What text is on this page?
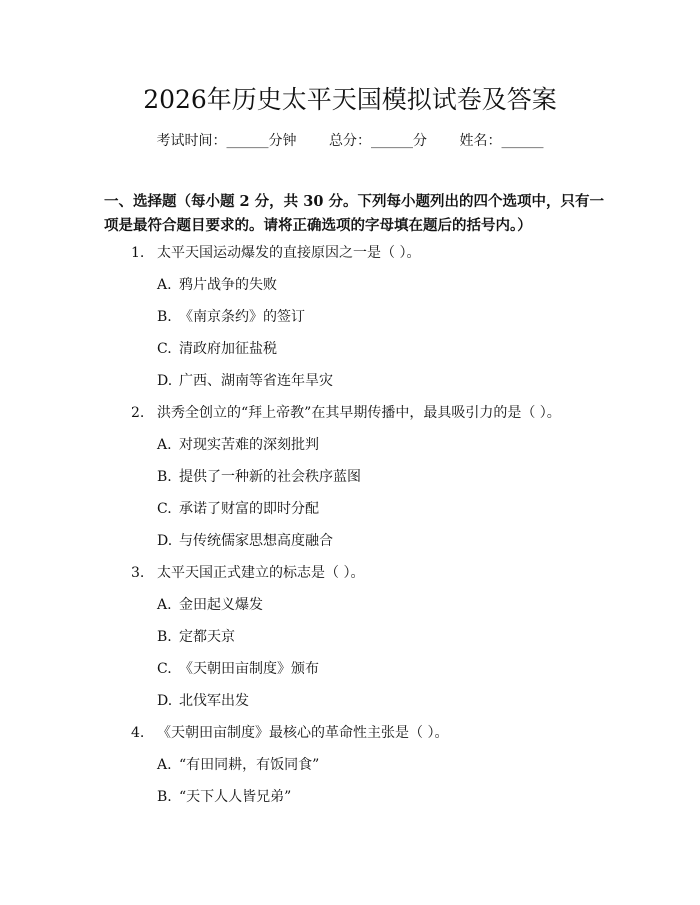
2026年历史太平天国模拟试卷及答案
考试时间：______分钟 总分：______分 姓名：______

一、选择题（每小题 2 分，共 30 分。下列每小题列出的四个选项中，只有一项是最符合题目要求的。请将正确选项的字母填在题后的括号内。）

1. 太平天国运动爆发的直接原因之一是（ ）。
A. 鸦片战争的失败
B. 《南京条约》的签订
C. 清政府加征盐税
D. 广西、湖南等省连年旱灾
2. 洪秀全创立的“拜上帝教”在其早期传播中，最具吸引力的是（ ）。
A. 对现实苦难的深刻批判
B. 提供了一种新的社会秩序蓝图
C. 承诺了财富的即时分配
D. 与传统儒家思想高度融合
3. 太平天国正式建立的标志是（ ）。
A. 金田起义爆发
B. 定都天京
C. 《天朝田亩制度》颁布
D. 北伐军出发
4. 《天朝田亩制度》最核心的革命性主张是（ ）。
A. “有田同耕，有饭同食”
B. “天下人人皆兄弟”
